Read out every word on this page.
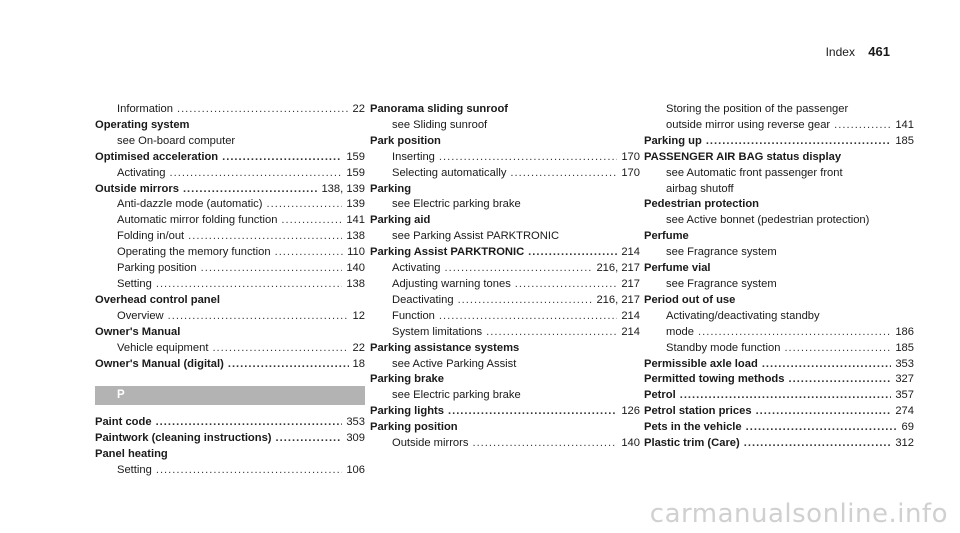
Index 461
Information .....	22
Operating system
see On-board computer
Optimised acceleration .....	159
Activating .....	159
Outside mirrors .....	138, 139
Anti-dazzle mode (automatic) .....	139
Automatic mirror folding function .....	141
Folding in/out .....	138
Operating the memory function .....	110
Parking position .....	140
Setting .....	138
Overhead control panel
Overview .....	12
Owner's Manual
Vehicle equipment .....	22
Owner's Manual (digital) .....	18
P
Paint code .....	353
Paintwork (cleaning instructions) .....	309
Panel heating
Setting .....	106
Panorama sliding sunroof
see Sliding sunroof
Park position
Inserting .....	170
Selecting automatically .....	170
Parking
see Electric parking brake
Parking aid
see Parking Assist PARKTRONIC
Parking Assist PARKTRONIC .....	214
Activating .....	216, 217
Adjusting warning tones .....	217
Deactivating .....	216, 217
Function .....	214
System limitations .....	214
Parking assistance systems
see Active Parking Assist
Parking brake
see Electric parking brake
Parking lights .....	126
Parking position
Outside mirrors .....	140
Storing the position of the passenger
outside mirror using reverse gear .....	141
Parking up .....	185
PASSENGER AIR BAG status display
see Automatic front passenger front
airbag shutoff
Pedestrian protection
see Active bonnet (pedestrian protection)
Perfume
see Fragrance system
Perfume vial
see Fragrance system
Period out of use
Activating/deactivating standby
mode .....	186
Standby mode function .....	185
Permissible axle load .....	353
Permitted towing methods .....	327
Petrol .....	357
Petrol station prices .....	274
Pets in the vehicle .....	69
Plastic trim (Care) .....	312
carmanualsonline.info
